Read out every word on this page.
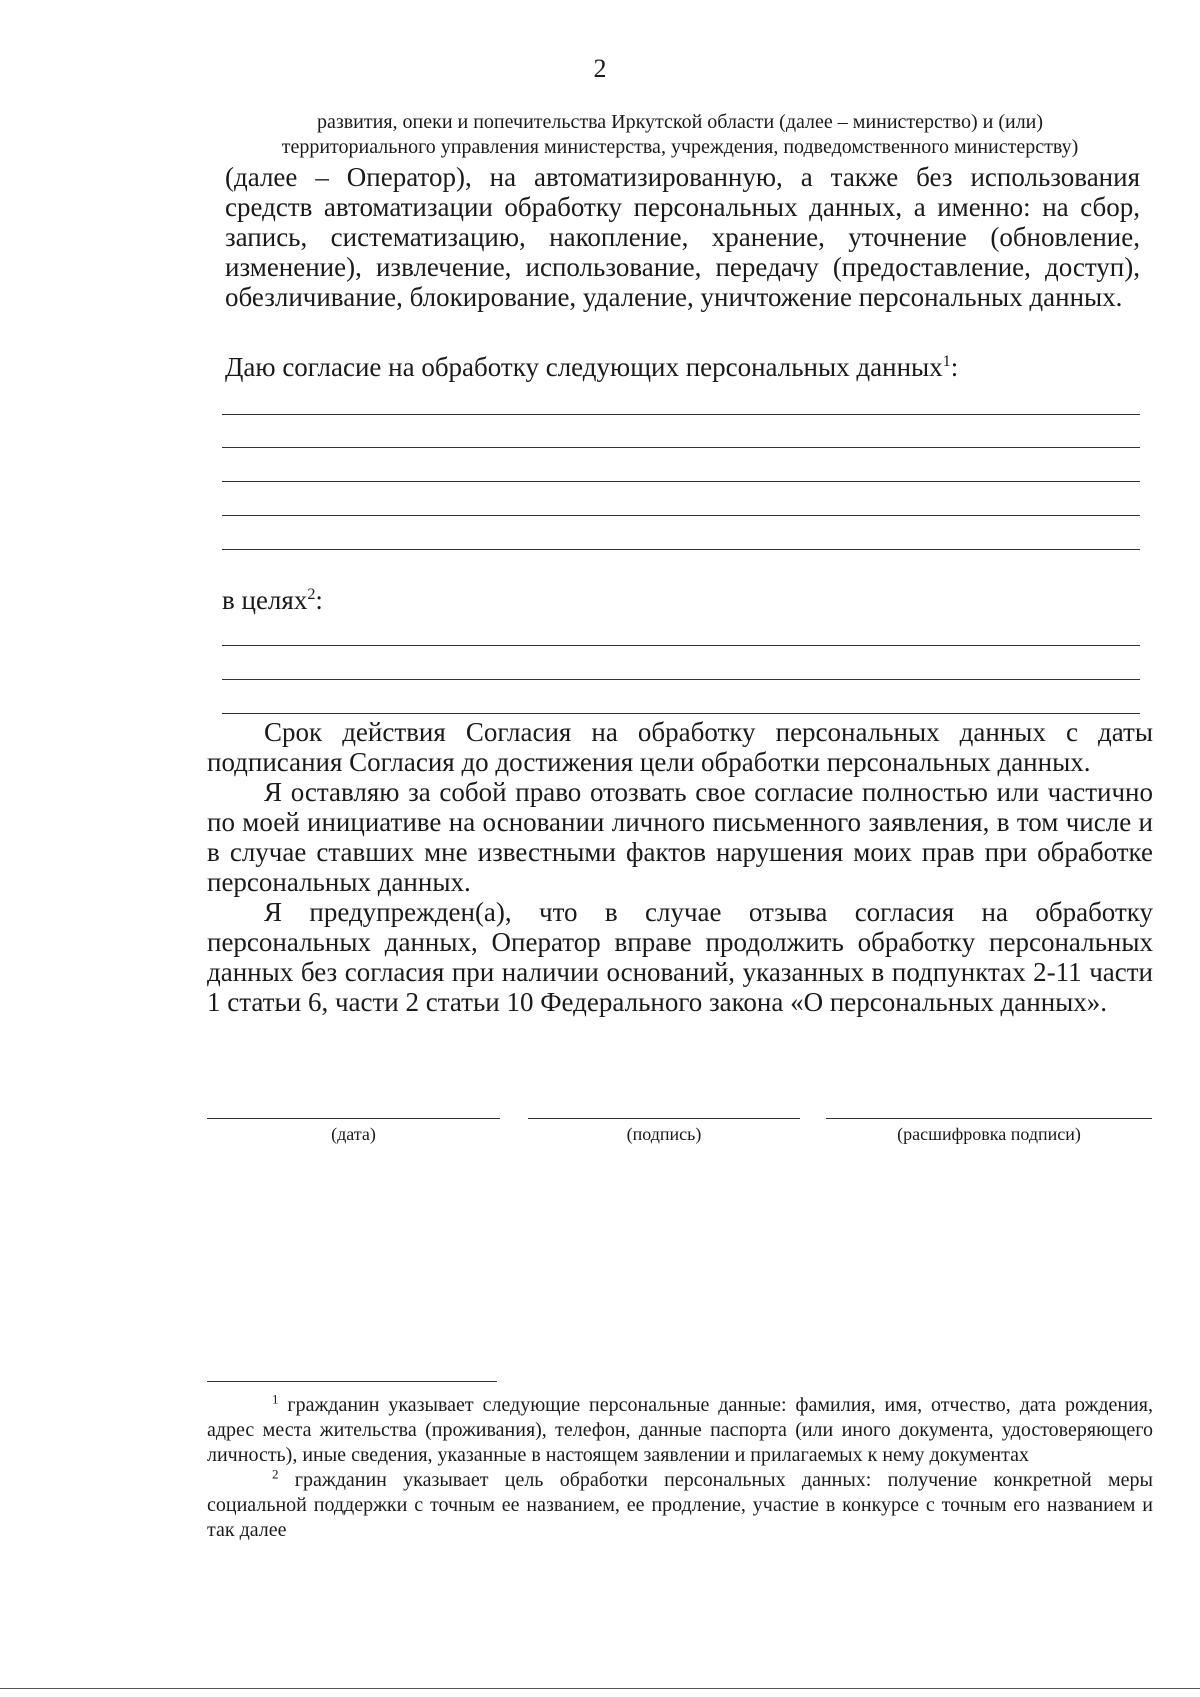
2
развития, опеки и попечительства Иркутской области (далее – министерство) и (или)
территориального управления министерства, учреждения, подведомственного министерству)
(далее – Оператор), на автоматизированную, а также без использования средств автоматизации обработку персональных данных, а именно: на сбор, запись, систематизацию, накопление, хранение, уточнение (обновление, изменение), извлечение, использование, передачу (предоставление, доступ), обезличивание, блокирование, удаление, уничтожение персональных данных.
Даю согласие на обработку следующих персональных данных$^1$:
в целях$^2$:

Срок действия Согласия на обработку персональных данных с даты подписания Согласия до достижения цели обработки персональных данных.

Я оставляю за собой право отозвать свое согласие полностью или частично по моей инициативе на основании личного письменного заявления, в том числе и в случае ставших мне известными фактов нарушения моих прав при обработке персональных данных.

Я предупрежден(а), что в случае отзыва согласия на обработку персональных данных, Оператор вправе продолжить обработку персональных данных без согласия при наличии оснований, указанных в подпунктах 2-11 части 1 статьи 6, части 2 статьи 10 Федерального закона «О персональных данных».

(дата)	(подпись)	(расшифровка подписи)

$^1$ гражданин указывает следующие персональные данные: фамилия, имя, отчество, дата рождения, адрес места жительства (проживания), телефон, данные паспорта (или иного документа, удостоверяющего личность), иные сведения, указанные в настоящем заявлении и прилагаемых к нему документах

$^2$ гражданин указывает цель обработки персональных данных: получение конкретной меры социальной поддержки с точным ее названием, ее продление, участие в конкурсе с точным его названием и так далее
